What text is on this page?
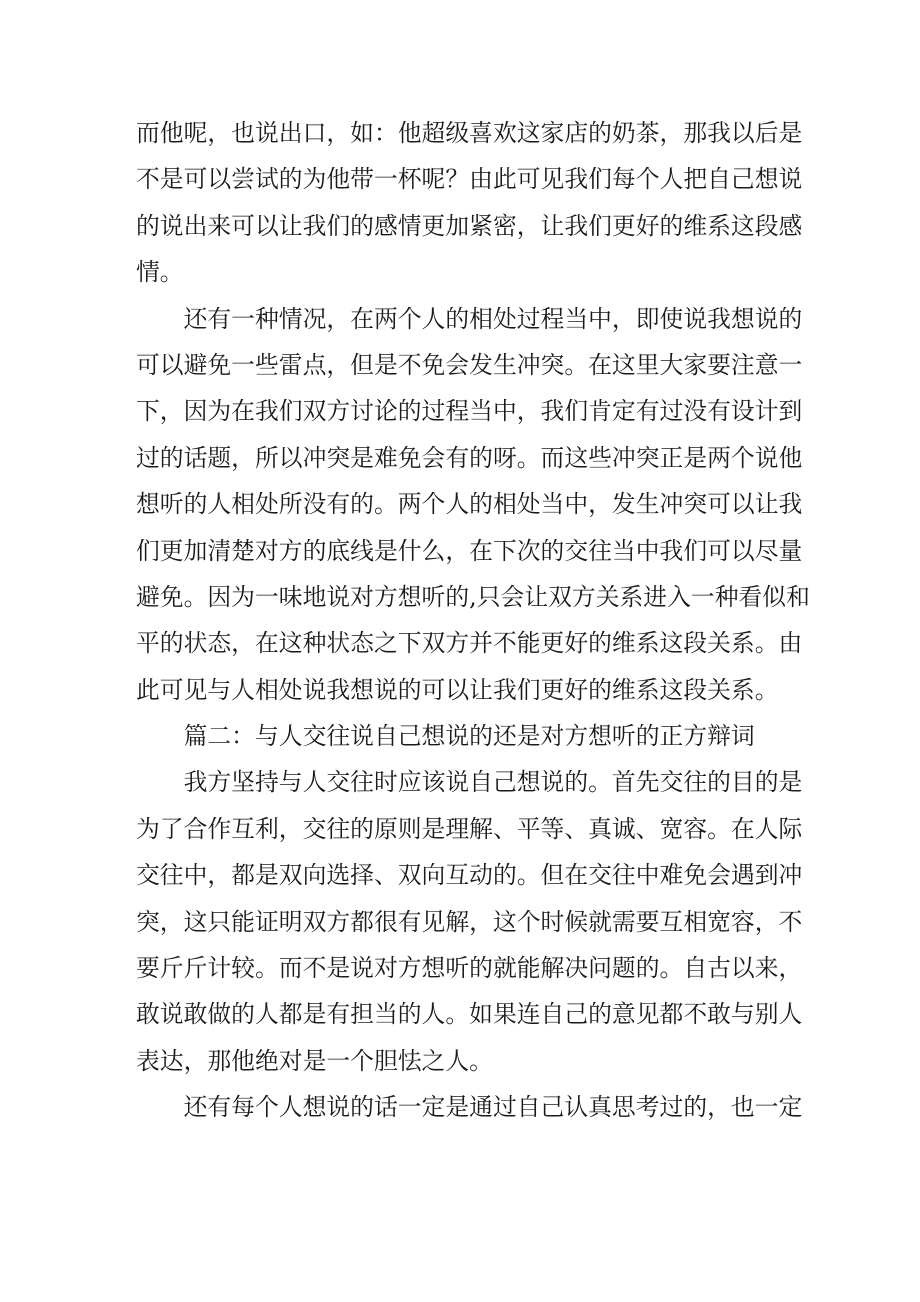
而他呢，也说出口，如：他超级喜欢这家店的奶茶，那我以后是
不是可以尝试的为他带一杯呢？由此可见我们每个人把自己想说
的说出来可以让我们的感情更加紧密，让我们更好的维系这段感
情。
还有一种情况，在两个人的相处过程当中，即使说我想说的
可以避免一些雷点，但是不免会发生冲突。在这里大家要注意一
下，因为在我们双方讨论的过程当中，我们肯定有过没有设计到
过的话题，所以冲突是难免会有的呀。而这些冲突正是两个说他
想听的人相处所没有的。两个人的相处当中，发生冲突可以让我
们更加清楚对方的底线是什么，在下次的交往当中我们可以尽量
避免。因为一味地说对方想听的,只会让双方关系进入一种看似和
平的状态，在这种状态之下双方并不能更好的维系这段关系。由
此可见与人相处说我想说的可以让我们更好的维系这段关系。
篇二：与人交往说自己想说的还是对方想听的正方辩词
我方坚持与人交往时应该说自己想说的。首先交往的目的是
为了合作互利，交往的原则是理解、平等、真诚、宽容。在人际
交往中，都是双向选择、双向互动的。但在交往中难免会遇到冲
突，这只能证明双方都很有见解，这个时候就需要互相宽容，不
要斤斤计较。而不是说对方想听的就能解决问题的。自古以来，
敢说敢做的人都是有担当的人。如果连自己的意见都不敢与别人
表达，那他绝对是一个胆怯之人。
还有每个人想说的话一定是通过自己认真思考过的，也一定
